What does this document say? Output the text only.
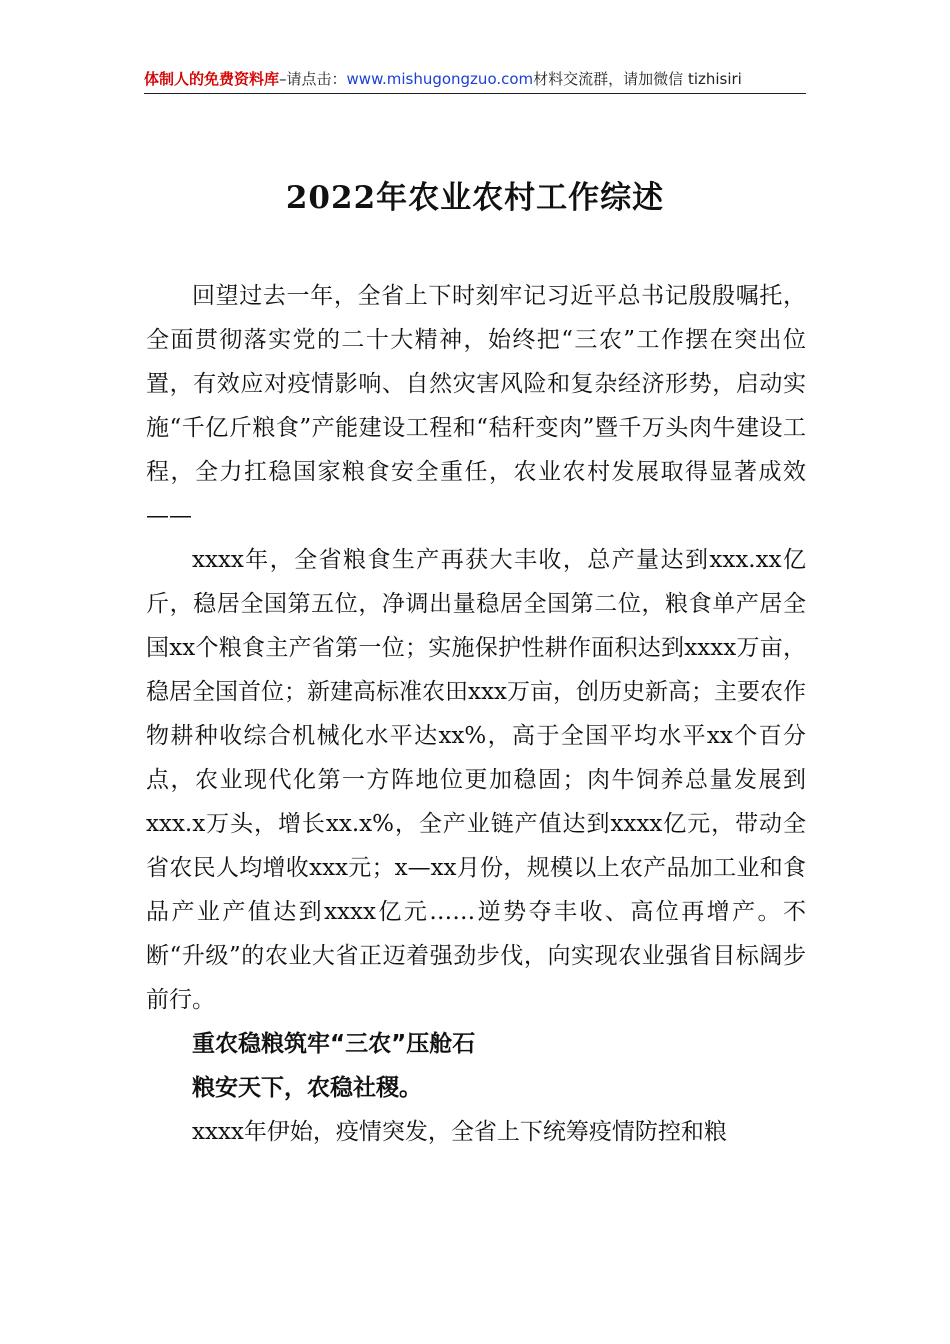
体制人的免费资料库–请点击：www.mishugongzuo.com材料交流群，请加微信 tizhisiri
2022年农业农村工作综述

回望过去一年，全省上下时刻牢记习近平总书记殷殷嘱托，全面贯彻落实党的二十大精神，始终把“三农”工作摆在突出位置，有效应对疫情影响、自然灾害风险和复杂经济形势，启动实施“千亿斤粮食”产能建设工程和“秸秆变肉”暨千万头肉牛建设工程，全力扛稳国家粮食安全重任，农业农村发展取得显著成效——

xxxx年，全省粮食生产再获大丰收，总产量达到xxx.xx亿斤，稳居全国第五位，净调出量稳居全国第二位，粮食单产居全国xx个粮食主产省第一位；实施保护性耕作面积达到xxxx万亩，稳居全国首位；新建高标准农田xxx万亩，创历史新高；主要农作物耕种收综合机械化水平达xx%，高于全国平均水平xx个百分点，农业现代化第一方阵地位更加稳固；肉牛饲养总量发展到xxx.x万头，增长xx.x%，全产业链产值达到xxxx亿元，带动全省农民人均增收xxx元；x—xx月份，规模以上农产品加工业和食品产业产值达到xxxx亿元……逆势夺丰收、高位再增产。不断“升级”的农业大省正迈着强劲步伐，向实现农业强省目标阔步前行。

重农稳粮筑牢“三农”压舱石

粮安天下，农稳社稷。

xxxx年伊始，疫情突发，全省上下统筹疫情防控和粮
